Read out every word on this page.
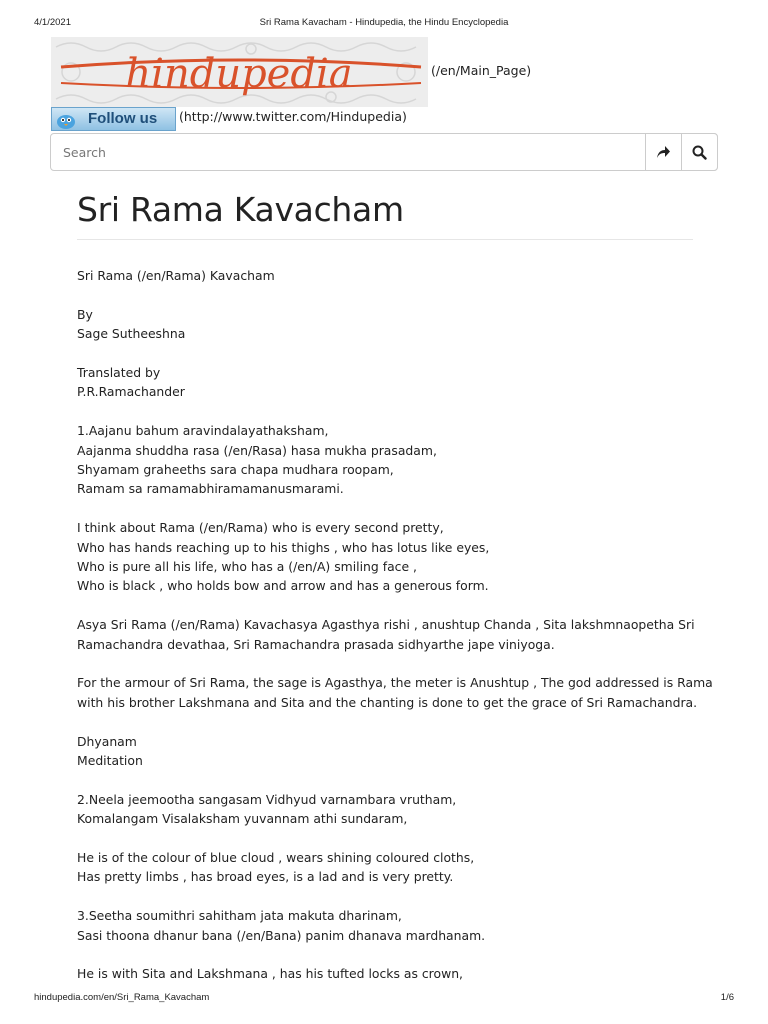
4/1/2021	Sri Rama Kavacham - Hindupedia, the Hindu Encyclopedia
hindupedia	(/en/Main_Page)
Follow us (http://www.twitter.com/Hindupedia)
Search
Sri Rama Kavacham

Sri Rama (/en/Rama) Kavacham

By
Sage Sutheeshna

Translated by
P.R.Ramachander

1.Aajanu bahum aravindalayathaksham,
Aajanma shuddha rasa (/en/Rasa) hasa mukha prasadam,
Shyamam graheeths sara chapa mudhara roopam,
Ramam sa ramamabhiramamanusmarami.

I think about Rama (/en/Rama) who is every second pretty,
Who has hands reaching up to his thighs , who has lotus like eyes,
Who is pure all his life, who has a (/en/A) smiling face ,
Who is black , who holds bow and arrow and has a generous form.

Asya Sri Rama (/en/Rama) Kavachasya Agasthya rishi , anushtup Chanda , Sita lakshmnaopetha Sri
Ramachandra devathaa, Sri Ramachandra prasada sidhyarthe jape viniyoga.

For the armour of Sri Rama, the sage is Agasthya, the meter is Anushtup , The god addressed is Rama
with his brother Lakshmana and Sita and the chanting is done to get the grace of Sri Ramachandra.

Dhyanam
Meditation

2.Neela jeemootha sangasam Vidhyud varnambara vrutham,
Komalangam Visalaksham yuvannam athi sundaram,

He is of the colour of blue cloud , wears shining coloured cloths,
Has pretty limbs , has broad eyes, is a lad and is very pretty.

3.Seetha soumithri sahitham jata makuta dharinam,
Sasi thoona dhanur bana (/en/Bana) panim dhanava mardhanam.

He is with Sita and Lakshmana , has his tufted locks as crown,

hindupedia.com/en/Sri_Rama_Kavacham	1/6
